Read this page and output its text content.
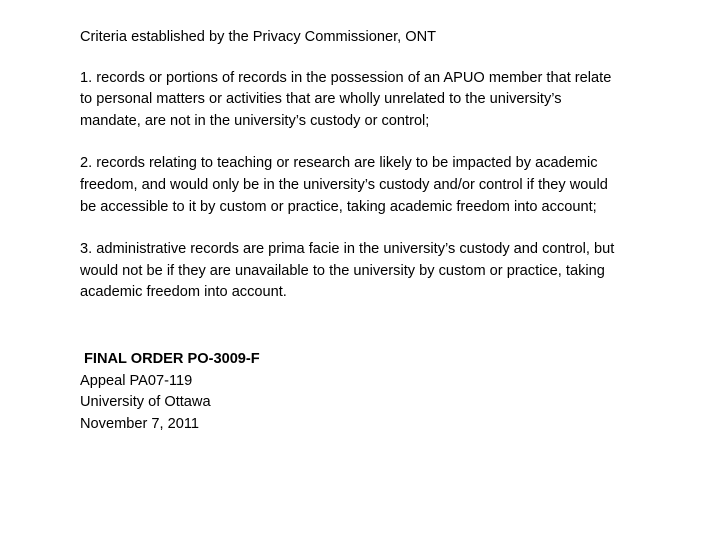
Criteria established by the Privacy Commissioner, ONT
1. records or portions of records in the possession of an APUO member that relate to personal matters or activities that are wholly unrelated to the university’s mandate, are not in the university’s custody or control;
2. records relating to teaching or research are likely to be impacted by academic freedom, and would only be in the university’s custody and/or control if they would be accessible to it by custom or practice, taking academic freedom into account;
3. administrative records are prima facie in the university’s custody and control, but would not be if they are unavailable to the university by custom or practice, taking academic freedom into account.
FINAL ORDER PO-3009-F
Appeal PA07-119
University of Ottawa
November 7, 2011
